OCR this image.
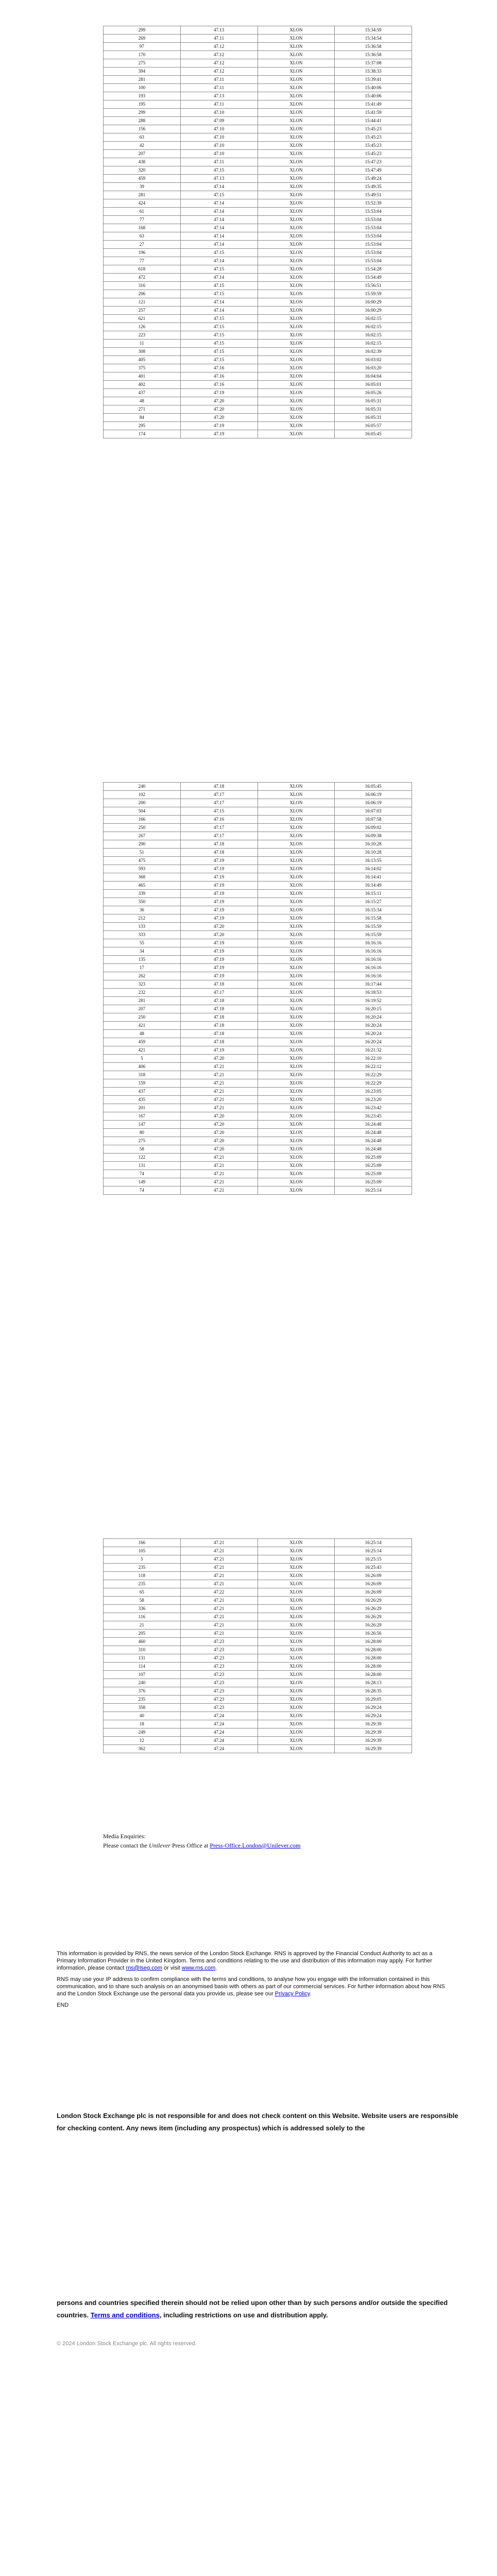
299	47.13	XLON	15:34:59
269	47.11	XLON	15:34:54
97	47.12	XLON	15:36:58
170	47.12	XLON	15:36:58
275	47.12	XLON	15:37:08
394	47.12	XLON	15:38:33
281	47.11	XLON	15:39:41
100	47.11	XLON	15:40:06
193	47.13	XLON	15:40:06
195	47.11	XLON	15:41:49
299	47.10	XLON	15:41:59
288	47.09	XLON	15:44:41
156	47.10	XLON	15:45:23
63	47.10	XLON	15:45:23
42	47.10	XLON	15:45:23
207	47.10	XLON	15:45:23
438	47.11	XLON	15:47:23
320	47.15	XLON	15:47:49
459	47.13	XLON	15:49:24
39	47.14	XLON	15:49:35
281	47.15	XLON	15:49:51
424	47.14	XLON	15:52:39
61	47.14	XLON	15:53:04
77	47.14	XLON	15:53:04
168	47.14	XLON	15:53:04
63	47.14	XLON	15:53:04
27	47.14	XLON	15:53:04
196	47.15	XLON	15:53:04
77	47.14	XLON	15:53:04
618	47.15	XLON	15:54:28
472	47.14	XLON	15:54:49
316	47.15	XLON	15:56:51
206	47.15	XLON	15:59:59
121	47.14	XLON	16:00:29
257	47.14	XLON	16:00:29
621	47.15	XLON	16:02:15
126	47.15	XLON	16:02:15
223	47.15	XLON	16:02:15
11	47.15	XLON	16:02:15
308	47.15	XLON	16:02:39
405	47.15	XLON	16:03:02
375	47.16	XLON	16:03:20
401	47.16	XLON	16:04:04
402	47.16	XLON	16:05:01
437	47.19	XLON	16:05:26
48	47.20	XLON	16:05:31
271	47.20	XLON	16:05:31
84	47.20	XLON	16:05:31
295	47.19	XLON	16:05:57
174	47.19	XLON	16:05:45
240	47.18	XLON	16:05:45
102	47.17	XLON	16:06:19
200	47.17	XLON	16:06:19
504	47.15	XLON	16:07:03
166	47.16	XLON	16:07:58
250	47.17	XLON	16:09:02
267	47.17	XLON	16:09:38
290	47.18	XLON	16:10:28
51	47.18	XLON	16:10:28
475	47.19	XLON	16:13:55
593	47.19	XLON	16:14:02
368	47.19	XLON	16:14:41
465	47.19	XLON	16:14:49
339	47.19	XLON	16:15:11
350	47.19	XLON	16:15:27
36	47.19	XLON	16:15:34
212	47.19	XLON	16:15:58
133	47.20	XLON	16:15:59
333	47.20	XLON	16:15:59
55	47.19	XLON	16:16:16
34	47.19	XLON	16:16:16
135	47.19	XLON	16:16:16
17	47.19	XLON	16:16:16
262	47.19	XLON	16:16:16
323	47.18	XLON	16:17:44
232	47.17	XLON	16:18:53
281	47.18	XLON	16:19:52
207	47.18	XLON	16:20:15
250	47.18	XLON	16:20:24
421	47.18	XLON	16:20:24
48	47.18	XLON	16:20:24
459	47.18	XLON	16:20:24
421	47.19	XLON	16:21:32
5	47.20	XLON	16:22:10
406	47.21	XLON	16:22:12
318	47.21	XLON	16:22:29
159	47.21	XLON	16:22:29
437	47.21	XLON	16:23:05
435	47.21	XLON	16:23:20
201	47.21	XLON	16:23:42
167	47.20	XLON	16:23:45
147	47.20	XLON	16:24:48
80	47.20	XLON	16:24:48
275	47.20	XLON	16:24:48
58	47.20	XLON	16:24:48
122	47.21	XLON	16:25:09
131	47.21	XLON	16:25:09
74	47.21	XLON	16:25:09
149	47.21	XLON	16:25:09
74	47.21	XLON	16:25:14
166	47.21	XLON	16:25:14
105	47.21	XLON	16:25:14
5	47.21	XLON	16:25:15
235	47.21	XLON	16:25:43
118	47.21	XLON	16:26:09
235	47.21	XLON	16:26:09
65	47.22	XLON	16:26:09
58	47.21	XLON	16:26:29
336	47.21	XLON	16:26:29
116	47.21	XLON	16:26:29
21	47.21	XLON	16:26:29
205	47.21	XLON	16:26:56
460	47.23	XLON	16:28:00
310	47.23	XLON	16:28:00
131	47.23	XLON	16:28:00
114	47.23	XLON	16:28:00
107	47.23	XLON	16:28:00
240	47.23	XLON	16:28:13
376	47.23	XLON	16:28:35
235	47.23	XLON	16:29:05
358	47.23	XLON	16:29:24
40	47.24	XLON	16:29:24
18	47.24	XLON	16:29:39
249	47.24	XLON	16:29:39
12	47.24	XLON	16:29:39
362	47.24	XLON	16:29:39
Media Enquiries:
Please contact the Unilever Press Office at Press-Office.London@Unilever.com

This information is provided by RNS, the news service of the London Stock Exchange. RNS is approved by the Financial Conduct Authority to act as a Primary Information Provider in the United Kingdom. Terms and conditions relating to the use and distribution of this information may apply. For further information, please contact rns@lseg.com or visit www.rns.com.

RNS may use your IP address to confirm compliance with the terms and conditions, to analyse how you engage with the information contained in this communication, and to share such analysis on an anonymised basis with others as part of our commercial services. For further information about how RNS and the London Stock Exchange use the personal data you provide us, please see our Privacy Policy.

END

London Stock Exchange plc is not responsible for and does not check content on this Website. Website users are responsible for checking content. Any news item (including any prospectus) which is addressed solely to the
persons and countries specified therein should not be relied upon other than by such persons and/or outside the specified countries. Terms and conditions, including restrictions on use and distribution apply.
© 2024 London Stock Exchange plc. All rights reserved.
